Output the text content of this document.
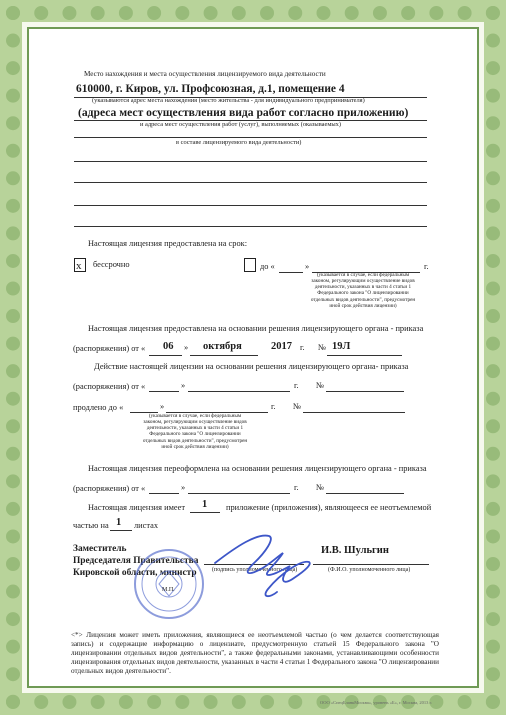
Место нахождения и места осуществления лицензируемого вида деятельности
610000, г. Киров, ул. Профсоюзная, д.1, помещение 4
(указываются адрес места нахождения (место жительства - для индивидуального предпринимателя)
(адреса мест осуществления вида работ согласно приложению)
и адреса мест осуществления работ (услуг), выполняемых (оказываемых)
в составе лицензируемого вида деятельности)
Настоящая лицензия предоставлена на срок:
х бессрочно	до «	»	г.
(указывается в случае, если федеральным законом, регулирующим осуществление видов деятельности, указанных в части 4 статьи 1 Федерального закона "О лицензировании отдельных видов деятельности", предусмотрен иной срок действия лицензии)
Настоящая лицензия предоставлена на основании решения лицензирующего органа - приказа
(распоряжения) от « 06 » октября	2017 г. № 19Л
Действие настоящей лицензии на основании решения лицензирующего органа- приказа
(распоряжения) от «	»	г. №
продлено до «	»	г. №
(указывается в случае, если федеральным законом, регулирующим осуществление видов деятельности, указанных в части 4 статьи 1 Федерального закона "О лицензировании отдельных видов деятельности", предусмотрен иной срок действия лицензии)
Настоящая лицензия переоформлена на основании решения лицензирующего органа - приказа
(распоряжения) от «	»	г. №
Настоящая лицензия имеет 1 приложение (приложения), являющееся ее неотъемлемой
частью на 1 листах
Заместитель
Председателя Правительства
Кировской области, министр	(подпись уполномоченного лица)
И.В. Шульгин
(Ф.И.О. уполномоченного лица)
М.П.
<*> Лицензия может иметь приложения, являющиеся ее неотъемлемой частью (о чем делается соответствующая запись) и содержащие информацию о лицензиате, предусмотренную статьей 15 Федерального закона "О лицензировании отдельных видов деятельности", а также федеральными законами, устанавливающими особенности лицензирования отдельных видов деятельности, указанных в части 4 статьи 1 Федерального закона "О лицензировании отдельных видов деятельности".
ООО «СпецБланкМосква», уровень «Б», г. Москва, 2013 г.
